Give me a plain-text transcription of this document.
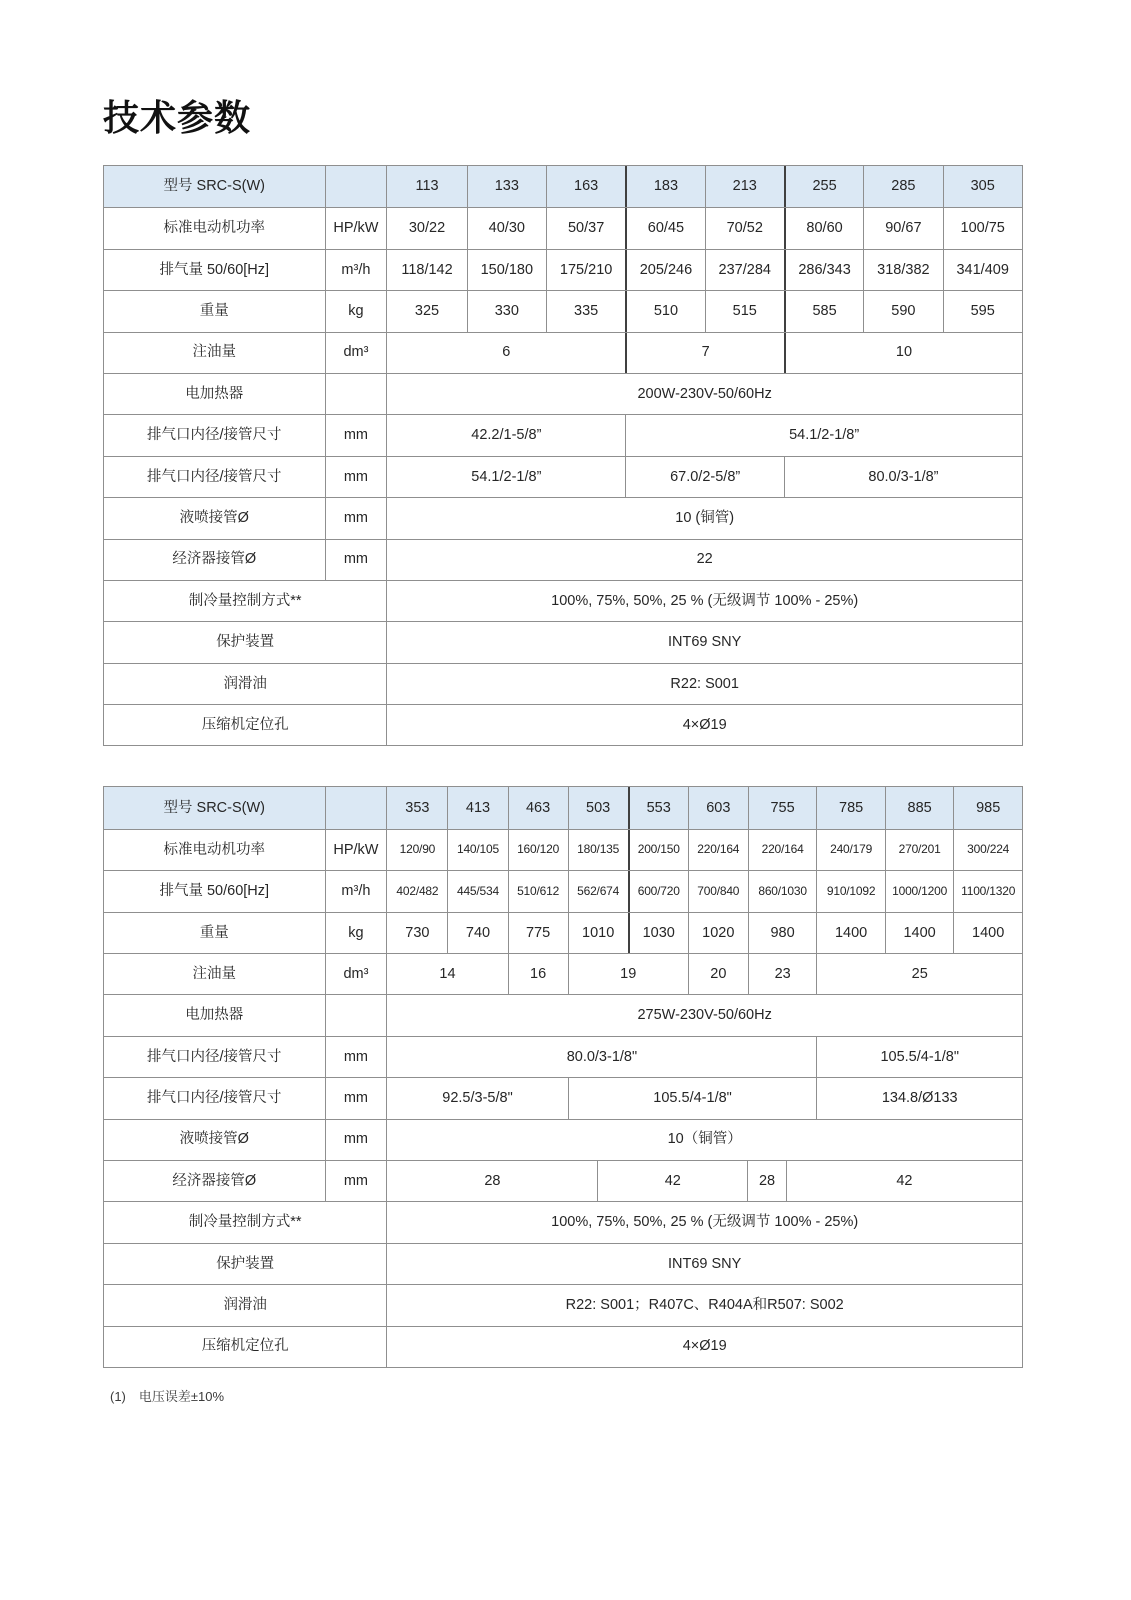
技术参数
型号 SRC-S(W)	113	133	163	183	213	255	285	305
标准电动机功率	HP/kW	30/22	40/30	50/37	60/45	70/52	80/60	90/67	100/75
排气量 50/60[Hz]	m³/h	118/142	150/180	175/210	205/246	237/284	286/343	318/382	341/409
重量	kg	325	330	335	510	515	585	590	595
注油量	dm³	6	7	10
电加热器	200W-230V-50/60Hz
排气口内径/接管尺寸	mm	42.2/1-5/8”	54.1/2-1/8”
排气口内径/接管尺寸	mm	54.1/2-1/8”	67.0/2-5/8”	80.0/3-1/8”
液喷接管Ø	mm	10 (铜管)
经济器接管Ø	mm	22
制冷量控制方式**	100%, 75%, 50%, 25 % (无级调节 100% - 25%)
保护装置	INT69 SNY
润滑油	R22: S001
压缩机定位孔	4×Ø19
型号 SRC-S(W)	353	413	463	503	553	603	755	785	885	985
标准电动机功率	HP/kW	120/90	140/105	160/120	180/135	200/150	220/164	220/164	240/179	270/201	300/224
排气量 50/60[Hz]	m³/h	402/482	445/534	510/612	562/674	600/720	700/840	860/1030	910/1092	1000/1200	1100/1320
重量	kg	730	740	775	1010	1030	1020	980	1400	1400	1400
注油量	dm³	14	16	19	20	23	25
电加热器	275W-230V-50/60Hz
排气口内径/接管尺寸	mm	80.0/3-1/8"	105.5/4-1/8"
排气口内径/接管尺寸	mm	92.5/3-5/8"	105.5/4-1/8"	134.8/Ø133
液喷接管Ø	mm	10（铜管）
经济器接管Ø	mm	28	42	28	42
制冷量控制方式**	100%, 75%, 50%, 25 % (无级调节 100% - 25%)
保护装置	INT69 SNY
润滑油	R22: S001；R407C、R404A和R507: S002
压缩机定位孔	4×Ø19
(1)　电压误差±10%
